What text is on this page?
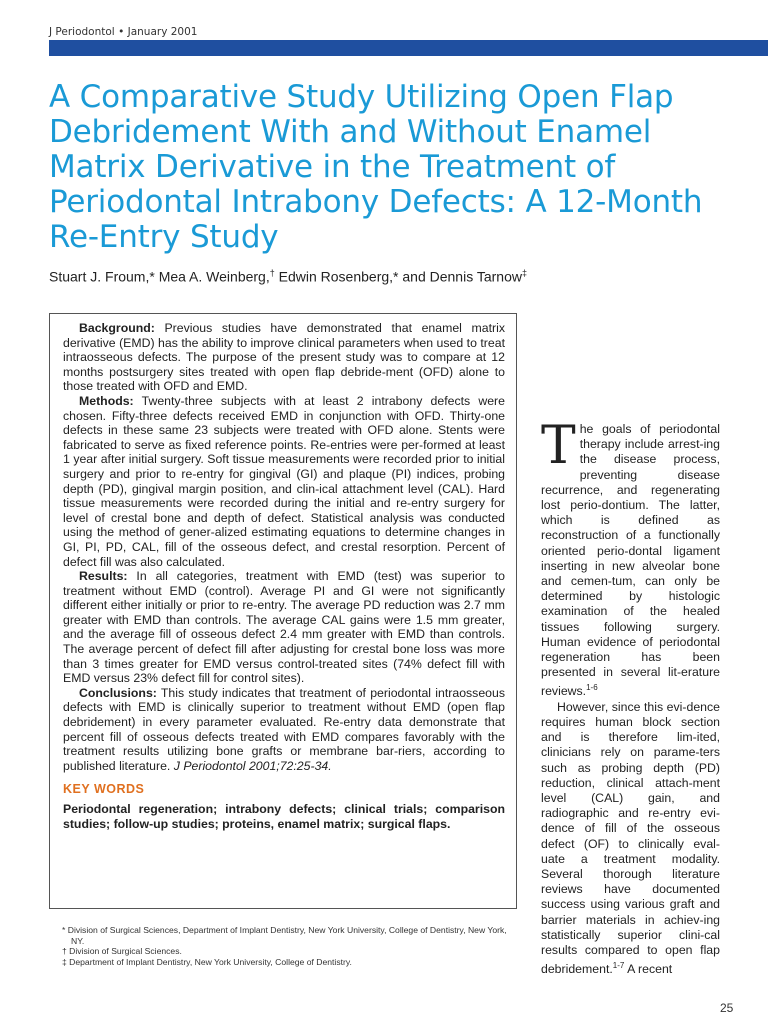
J Periodontol • January 2001
A Comparative Study Utilizing Open Flap Debridement With and Without Enamel Matrix Derivative in the Treatment of Periodontal Intrabony Defects: A 12-Month Re-Entry Study
Stuart J. Froum,* Mea A. Weinberg,† Edwin Rosenberg,* and Dennis Tarnow‡

Background: Previous studies have demonstrated that enamel matrix derivative (EMD) has the ability to improve clinical parameters when used to treat intraosseous defects. The purpose of the present study was to compare at 12 months postsurgery sites treated with open flap debride-ment (OFD) alone to those treated with OFD and EMD.

Methods: Twenty-three subjects with at least 2 intrabony defects were chosen. Fifty-three defects received EMD in conjunction with OFD. Thirty-one defects in these same 23 subjects were treated with OFD alone. Stents were fabricated to serve as fixed reference points. Re-entries were per-formed at least 1 year after initial surgery. Soft tissue measurements were recorded prior to initial surgery and prior to re-entry for gingival (GI) and plaque (PI) indices, probing depth (PD), gingival margin position, and clin-ical attachment level (CAL). Hard tissue measurements were recorded during the initial and re-entry surgery for level of crestal bone and depth of defect. Statistical analysis was conducted using the method of gener-alized estimating equations to determine changes in GI, PI, PD, CAL, fill of the osseous defect, and crestal resorption. Percent of defect fill was also calculated.

Results: In all categories, treatment with EMD (test) was superior to treatment without EMD (control). Average PI and GI were not significantly different either initially or prior to re-entry. The average PD reduction was 2.7 mm greater with EMD than controls. The average CAL gains were 1.5 mm greater, and the average fill of osseous defect 2.4 mm greater with EMD than controls. The average percent of defect fill after adjusting for crestal bone loss was more than 3 times greater for EMD versus control-treated sites (74% defect fill with EMD versus 23% defect fill for control sites).

Conclusions: This study indicates that treatment of periodontal intraosseous defects with EMD is clinically superior to treatment without EMD (open flap debridement) in every parameter evaluated. Re-entry data demonstrate that percent fill of osseous defects treated with EMD compares favorably with the treatment results utilizing bone grafts or membrane bar-riers, according to published literature. J Periodontol 2001;72:25-34.

KEY WORDS

Periodontal regeneration; intrabony defects; clinical trials; comparison studies; follow-up studies; proteins, enamel matrix; surgical flaps.

* Division of Surgical Sciences, Department of Implant Dentistry, New York University, College of Dentistry, New York, NY.
† Division of Surgical Sciences.
‡ Department of Implant Dentistry, New York University, College of Dentistry.

The goals of periodontal therapy include arrest-ing the disease process, preventing disease recurrence, and regenerating lost perio-dontium. The latter, which is defined as reconstruction of a functionally oriented perio-dontal ligament inserting in new alveolar bone and cemen-tum, can only be determined by histologic examination of the healed tissues following surgery. Human evidence of periodontal regeneration has been presented in several lit-erature reviews.$^{1-6}$

However, since this evi-dence requires human block section and is therefore lim-ited, clinicians rely on parame-ters such as probing depth (PD) reduction, clinical attach-ment level (CAL) gain, and radiographic and re-entry evi-dence of fill of the osseous defect (OF) to clinically eval-uate a treatment modality. Several thorough literature reviews have documented success using various graft and barrier materials in achiev-ing statistically superior clini-cal results compared to open flap debridement.$^{1-7}$ A recent

25
